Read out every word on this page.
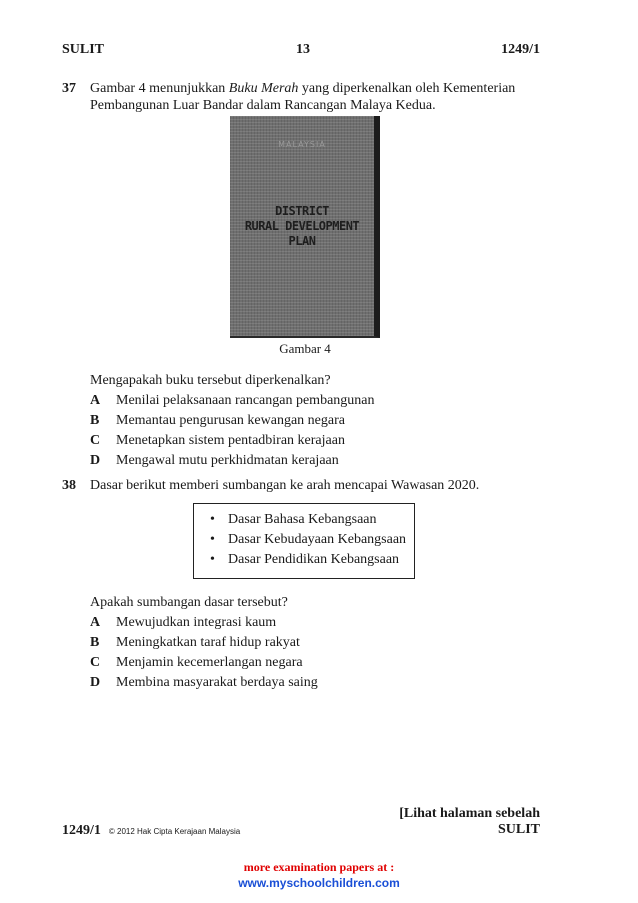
SULIT	13	1249/1
37 Gambar 4 menunjukkan Buku Merah yang diperkenalkan oleh Kementerian
Pembangunan Luar Bandar dalam Rancangan Malaya Kedua.
MALAYSIA
DISTRICT
RURAL DEVELOPMENT
PLAN
Gambar 4
Mengapakah buku tersebut diperkenalkan?
A Menilai pelaksanaan rancangan pembangunan
B Memantau pengurusan kewangan negara
C Menetapkan sistem pentadbiran kerajaan
D Mengawal mutu perkhidmatan kerajaan
38 Dasar berikut memberi sumbangan ke arah mencapai Wawasan 2020.
• Dasar Bahasa Kebangsaan
• Dasar Kebudayaan Kebangsaan
• Dasar Pendidikan Kebangsaan
Apakah sumbangan dasar tersebut?
A Mewujudkan integrasi kaum
B Meningkatkan taraf hidup rakyat
C Menjamin kecemerlangan negara
D Membina masyarakat berdaya saing
[Lihat halaman sebelah
1249/1 © 2012 Hak Cipta Kerajaan Malaysia	SULIT
more examination papers at :
www.myschoolchildren.com
